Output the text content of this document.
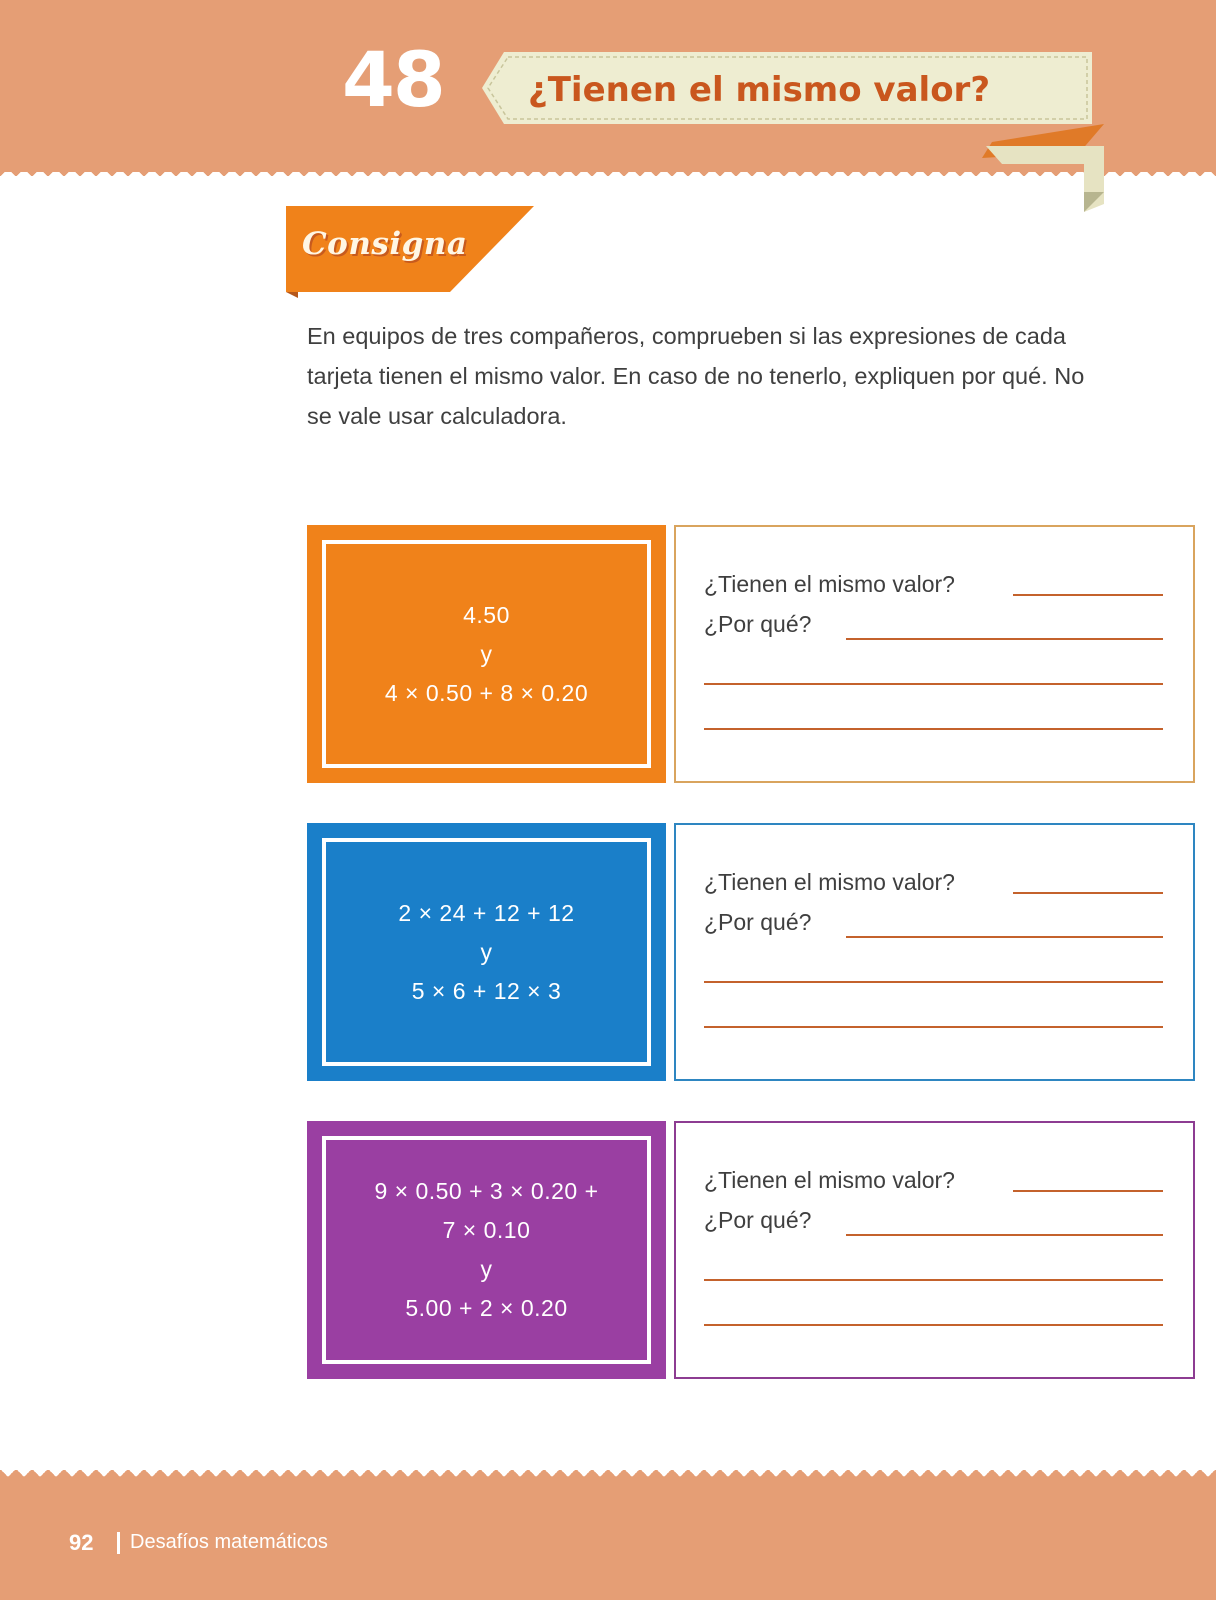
48	¿Tienen el mismo valor?
Consigna

En equipos de tres compañeros, comprueben si las expresiones de cada tarjeta tienen el mismo valor. En caso de no tenerlo, expliquen por qué. No se vale usar calculadora.

4.50
y
4 × 0.50 + 8 × 0.20
¿Tienen el mismo valor?
¿Por qué?
2 × 24 + 12 + 12
y
5 × 6 + 12 × 3
¿Tienen el mismo valor?
¿Por qué?
9 × 0.50 + 3 × 0.20 +
7 × 0.10
y
5.00 + 2 × 0.20
¿Tienen el mismo valor?
¿Por qué?
92 Desafíos matemáticos
